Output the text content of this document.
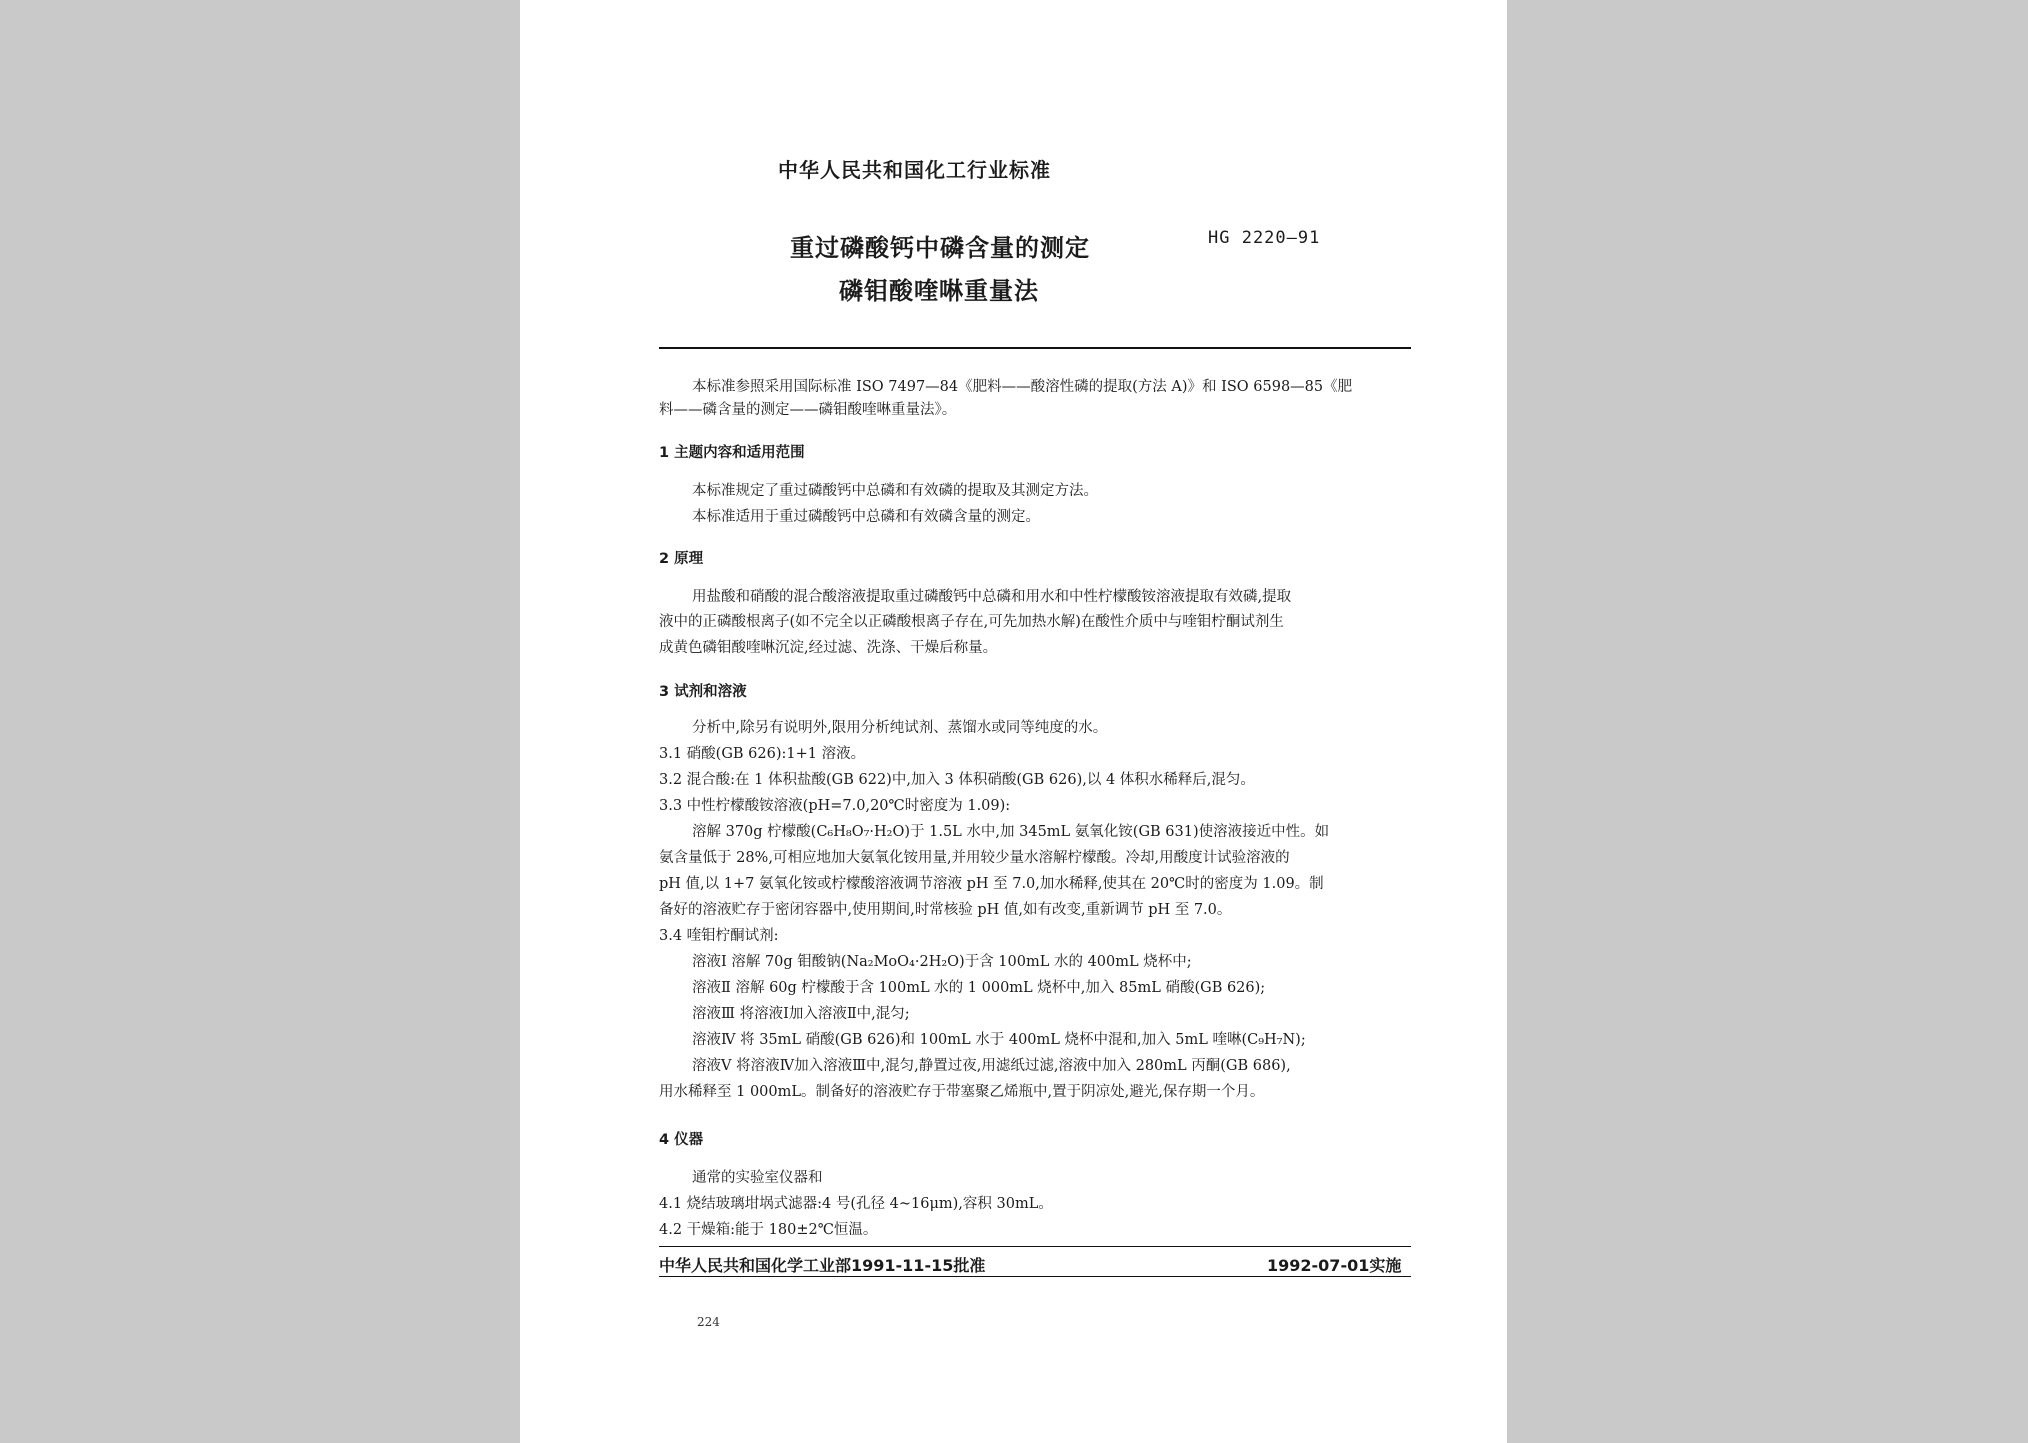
中华人民共和国化工行业标准
重过磷酸钙中磷含量的测定
磷钼酸喹啉重量法
HG 2220—91
本标准参照采用国际标准 ISO 7497—84《肥料——酸溶性磷的提取(方法 A)》和 ISO 6598—85《肥
料——磷含量的测定——磷钼酸喹啉重量法》。
1 主题内容和适用范围
本标准规定了重过磷酸钙中总磷和有效磷的提取及其测定方法。
本标准适用于重过磷酸钙中总磷和有效磷含量的测定。
2 原理
用盐酸和硝酸的混合酸溶液提取重过磷酸钙中总磷和用水和中性柠檬酸铵溶液提取有效磷,提取
液中的正磷酸根离子(如不完全以正磷酸根离子存在,可先加热水解)在酸性介质中与喹钼柠酮试剂生
成黄色磷钼酸喹啉沉淀,经过滤、洗涤、干燥后称量。
3 试剂和溶液
分析中,除另有说明外,限用分析纯试剂、蒸馏水或同等纯度的水。
3.1 硝酸(GB 626):1+1 溶液。
3.2 混合酸:在 1 体积盐酸(GB 622)中,加入 3 体积硝酸(GB 626),以 4 体积水稀释后,混匀。
3.3 中性柠檬酸铵溶液(pH=7.0,20℃时密度为 1.09):
溶解 370g 柠檬酸(C₆H₈O₇·H₂O)于 1.5L 水中,加 345mL 氨氧化铵(GB 631)使溶液接近中性。如
氨含量低于 28%,可相应地加大氨氧化铵用量,并用较少量水溶解柠檬酸。冷却,用酸度计试验溶液的
pH 值,以 1+7 氨氧化铵或柠檬酸溶液调节溶液 pH 至 7.0,加水稀释,使其在 20℃时的密度为 1.09。制
备好的溶液贮存于密闭容器中,使用期间,时常核验 pH 值,如有改变,重新调节 pH 至 7.0。
3.4 喹钼柠酮试剂:
溶液Ⅰ 溶解 70g 钼酸钠(Na₂MoO₄·2H₂O)于含 100mL 水的 400mL 烧杯中;
溶液Ⅱ 溶解 60g 柠檬酸于含 100mL 水的 1 000mL 烧杯中,加入 85mL 硝酸(GB 626);
溶液Ⅲ 将溶液Ⅰ加入溶液Ⅱ中,混匀;
溶液Ⅳ 将 35mL 硝酸(GB 626)和 100mL 水于 400mL 烧杯中混和,加入 5mL 喹啉(C₉H₇N);
溶液Ⅴ 将溶液Ⅳ加入溶液Ⅲ中,混匀,静置过夜,用滤纸过滤,溶液中加入 280mL 丙酮(GB 686),
用水稀释至 1 000mL。制备好的溶液贮存于带塞聚乙烯瓶中,置于阴凉处,避光,保存期一个月。
4 仪器
通常的实验室仪器和
4.1 烧结玻璃坩埚式滤器:4 号(孔径 4~16μm),容积 30mL。
4.2 干燥箱:能于 180±2℃恒温。
中华人民共和国化学工业部1991-11-15批准	1992-07-01实施
224
